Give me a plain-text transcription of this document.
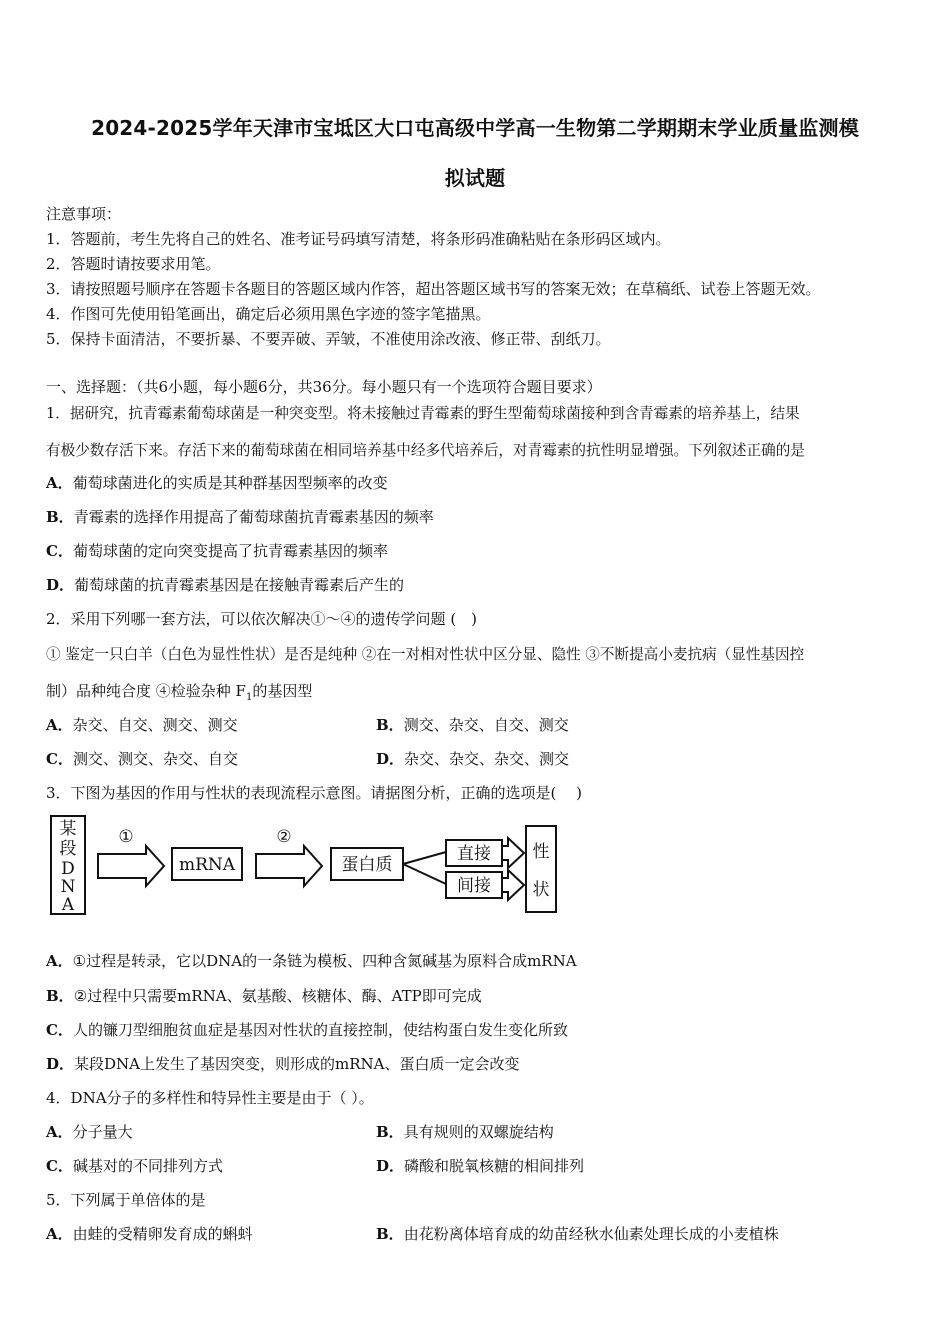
2024-2025学年天津市宝坻区大口屯高级中学高一生物第二学期期末学业质量监测模
拟试题
注意事项：
1．答题前，考生先将自己的姓名、准考证号码填写清楚，将条形码准确粘贴在条形码区域内。
2．答题时请按要求用笔。
3．请按照题号顺序在答题卡各题目的答题区域内作答，超出答题区域书写的答案无效；在草稿纸、试卷上答题无效。
4．作图可先使用铅笔画出，确定后必须用黑色字迹的签字笔描黑。
5．保持卡面清洁，不要折暴、不要弄破、弄皱，不准使用涂改液、修正带、刮纸刀。
一、选择题：（共6小题，每小题6分，共36分。每小题只有一个选项符合题目要求）
1．据研究，抗青霉素葡萄球菌是一种突变型。将未接触过青霉素的野生型葡萄球菌接种到含青霉素的培养基上，结果
有极少数存活下来。存活下来的葡萄球菌在相同培养基中经多代培养后，对青霉素的抗性明显增强。下列叙述正确的是
A．葡萄球菌进化的实质是其种群基因型频率的改变
B．青霉素的选择作用提高了葡萄球菌抗青霉素基因的频率
C．葡萄球菌的定向突变提高了抗青霉素基因的频率
D．葡萄球菌的抗青霉素基因是在接触青霉素后产生的
2．采用下列哪一套方法，可以依次解决①～④的遗传学问题 (　)
① 鉴定一只白羊（白色为显性性状）是否是纯种 ②在一对相对性状中区分显、隐性 ③不断提高小麦抗病（显性基因控
制）品种纯合度 ④检验杂种 $F_1$的基因型
A．杂交、自交、测交、测交	B．测交、杂交、自交、测交
C．测交、测交、杂交、自交	D．杂交、杂交、杂交、测交
3．下图为基因的作用与性状的表现流程示意图。请据图分析，正确的选项是(　 )
某
段
D
N
A
①
mRNA
②
蛋白质
直接
间接
性
状
A．①过程是转录，它以DNA的一条链为模板、四种含氮碱基为原料合成mRNA
B．②过程中只需要mRNA、氨基酸、核糖体、酶、ATP即可完成
C．人的镰刀型细胞贫血症是基因对性状的直接控制，使结构蛋白发生变化所致
D．某段DNA上发生了基因突变，则形成的mRNA、蛋白质一定会改变
4．DNA分子的多样性和特异性主要是由于（ ）。
A．分子量大	B．具有规则的双螺旋结构
C．碱基对的不同排列方式	D．磷酸和脱氧核糖的相间排列
5．下列属于单倍体的是
A．由蛙的受精卵发育成的蝌蚪	B．由花粉离体培育成的幼苗经秋水仙素处理长成的小麦植株
